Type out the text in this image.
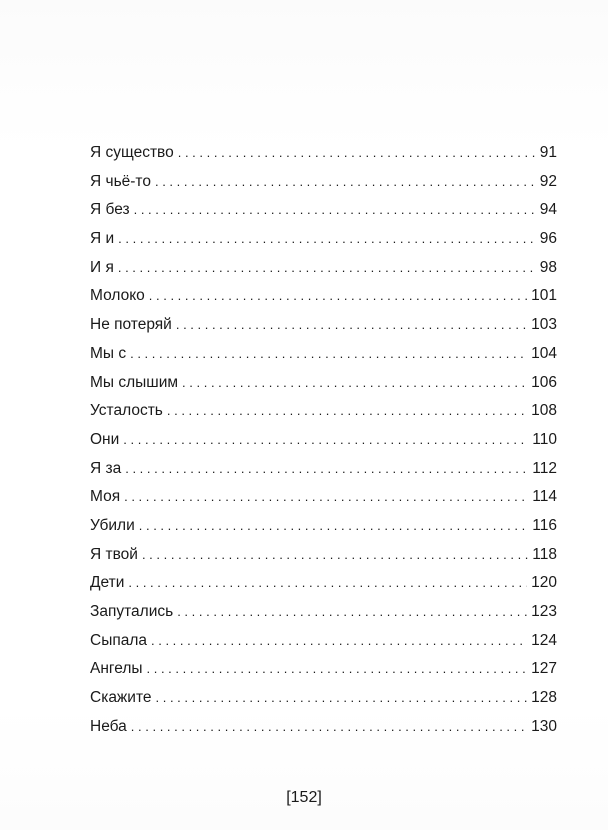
Я существо . . .	91
Я чьё-то . . .	92
Я без . . .	94
Я и . . .	96
И я . . .	98
Молоко . . .	101
Не потеряй . . .	103
Мы с . . .	104
Мы слышим . . .	106
Усталость . . .	108
Они . . .	110
Я за . . .	112
Моя . . .	114
Убили . . .	116
Я твой . . .	118
Дети . . .	120
Запутались . . .	123
Сыпала . . .	124
Ангелы . . .	127
Скажите . . .	128
Неба . . .	130
[152]
